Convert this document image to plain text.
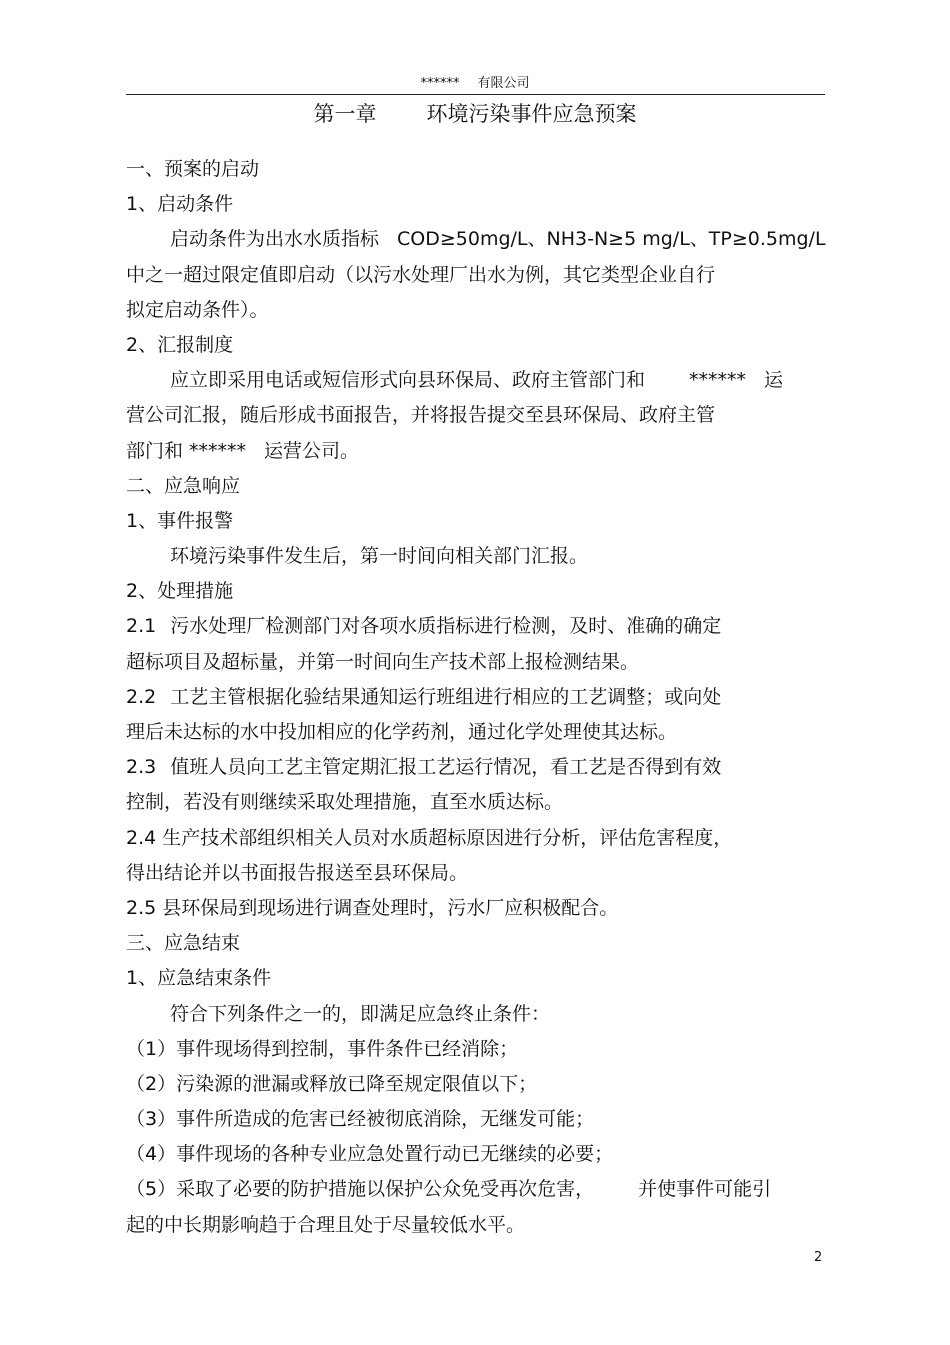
****** 有限公司
第一章 环境污染事件应急预案
一、预案的启动
1、启动条件
启动条件为出水水质指标 COD≥50mg/L、NH3-N≥5 mg/L、TP≥0.5mg/L
中之一超过限定值即启动（以污水处理厂出水为例，其它类型企业自行
拟定启动条件）。
2、汇报制度
应立即采用电话或短信形式向县环保局、政府主管部门和 ****** 运
营公司汇报，随后形成书面报告，并将报告提交至县环保局、政府主管
部门和 ****** 运营公司。
二、应急响应
1、事件报警
环境污染事件发生后，第一时间向相关部门汇报。
2、处理措施
2.1 污水处理厂检测部门对各项水质指标进行检测，及时、准确的确定
超标项目及超标量，并第一时间向生产技术部上报检测结果。
2.2 工艺主管根据化验结果通知运行班组进行相应的工艺调整；或向处
理后未达标的水中投加相应的化学药剂，通过化学处理使其达标。
2.3 值班人员向工艺主管定期汇报工艺运行情况，看工艺是否得到有效
控制，若没有则继续采取处理措施，直至水质达标。
2.4 生产技术部组织相关人员对水质超标原因进行分析，评估危害程度，
得出结论并以书面报告报送至县环保局。
2.5 县环保局到现场进行调查处理时，污水厂应积极配合。
三、应急结束
1、应急结束条件
符合下列条件之一的，即满足应急终止条件：
（1）事件现场得到控制，事件条件已经消除；
（2）污染源的泄漏或释放已降至规定限值以下；
（3）事件所造成的危害已经被彻底消除，无继发可能；
（4）事件现场的各种专业应急处置行动已无继续的必要；
（5）采取了必要的防护措施以保护公众免受再次危害， 并使事件可能引
起的中长期影响趋于合理且处于尽量较低水平。
2
